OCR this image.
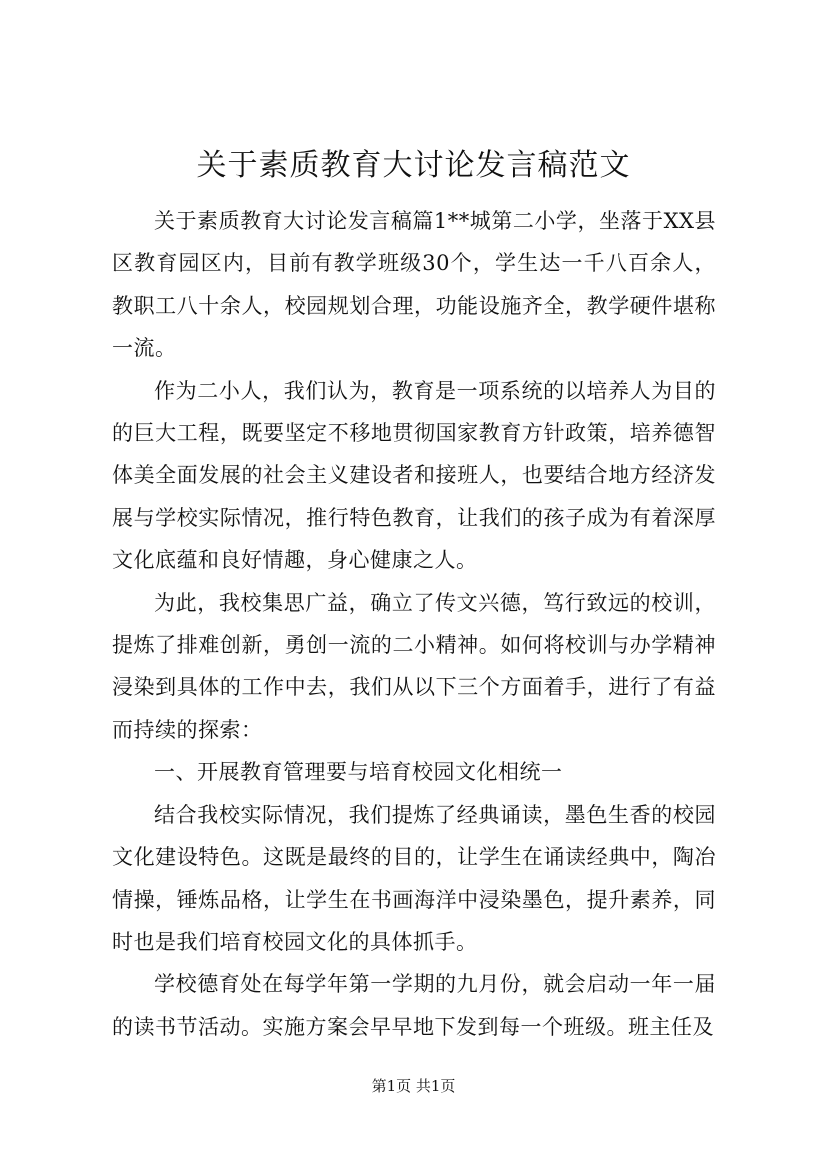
关于素质教育大讨论发言稿范文

关于素质教育大讨论发言稿篇1**城第二小学，坐落于XX县区教育园区内，目前有教学班级30个，学生达一千八百余人，教职工八十余人，校园规划合理，功能设施齐全，教学硬件堪称一流。

作为二小人，我们认为，教育是一项系统的以培养人为目的的巨大工程，既要坚定不移地贯彻国家教育方针政策，培养德智体美全面发展的社会主义建设者和接班人，也要结合地方经济发展与学校实际情况，推行特色教育，让我们的孩子成为有着深厚文化底蕴和良好情趣，身心健康之人。

为此，我校集思广益，确立了传文兴德，笃行致远的校训，提炼了排难创新，勇创一流的二小精神。如何将校训与办学精神浸染到具体的工作中去，我们从以下三个方面着手，进行了有益而持续的探索：

一、开展教育管理要与培育校园文化相统一

结合我校实际情况，我们提炼了经典诵读，墨色生香的校园文化建设特色。这既是最终的目的，让学生在诵读经典中，陶冶情操，锤炼品格，让学生在书画海洋中浸染墨色，提升素养，同时也是我们培育校园文化的具体抓手。

学校德育处在每学年第一学期的九月份，就会启动一年一届的读书节活动。实施方案会早早地下发到每一个班级。班主任及

第1页 共1页
